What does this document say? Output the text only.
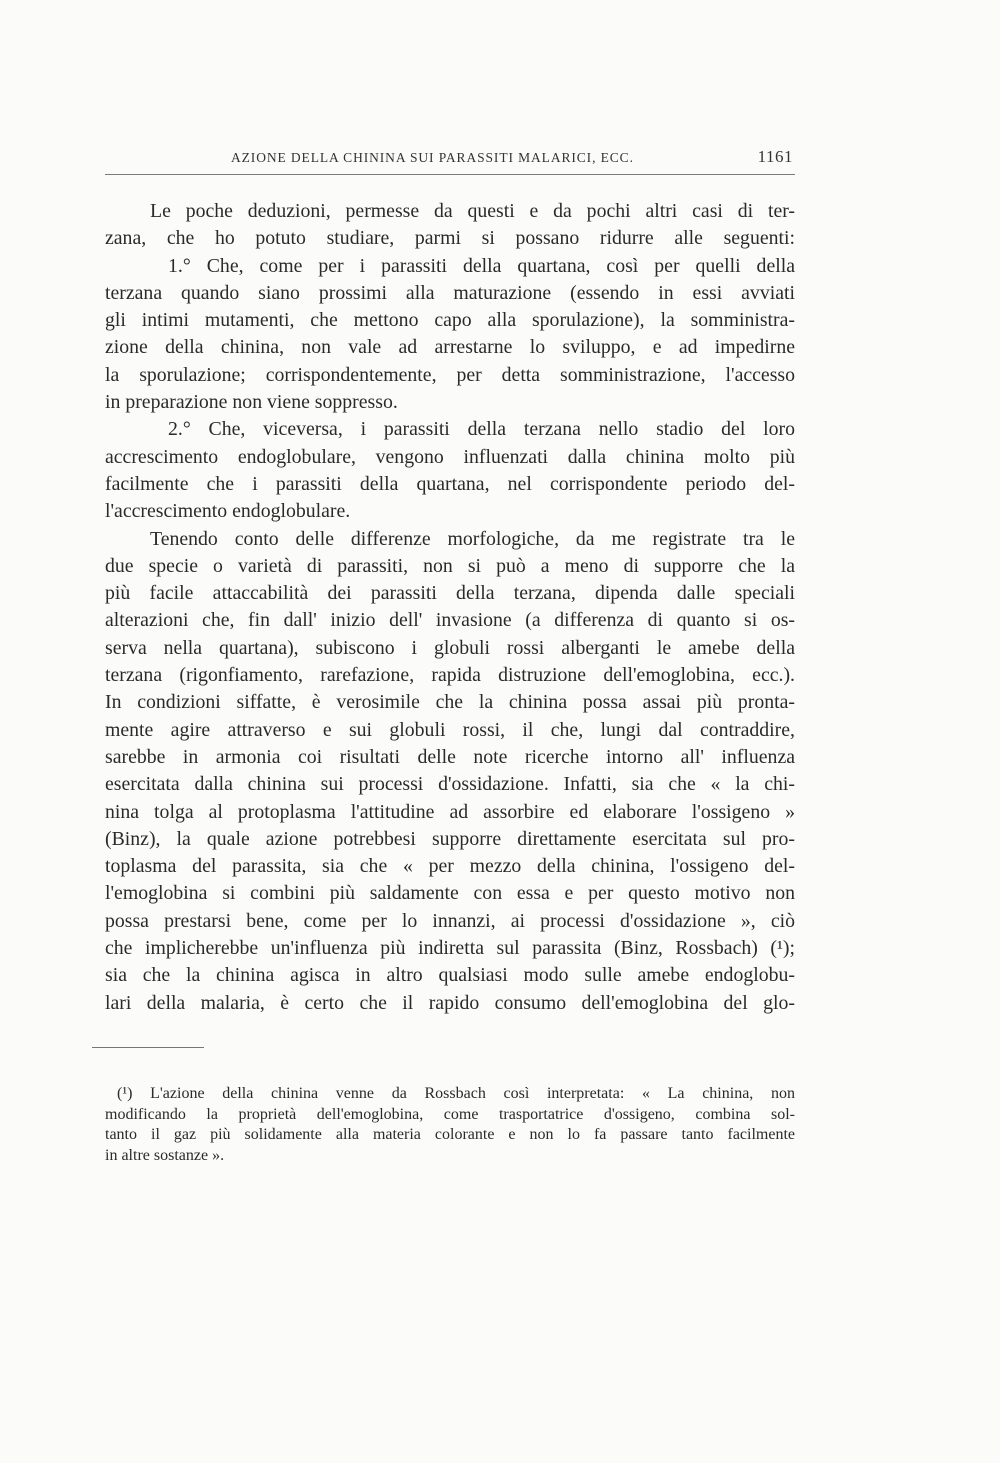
AZIONE DELLA CHININA SUI PARASSITI MALARICI, ECC.	1161
Le poche deduzioni, permesse da questi e da pochi altri casi di ter-
zana, che ho potuto studiare, parmi si possano ridurre alle seguenti:
1.° Che, come per i parassiti della quartana, così per quelli della
terzana quando siano prossimi alla maturazione (essendo in essi avviati
gli intimi mutamenti, che mettono capo alla sporulazione), la somministra-
zione della chinina, non vale ad arrestarne lo sviluppo, e ad impedirne
la sporulazione; corrispondentemente, per detta somministrazione, l'accesso
in preparazione non viene soppresso.
2.° Che, viceversa, i parassiti della terzana nello stadio del loro
accrescimento endoglobulare, vengono influenzati dalla chinina molto più
facilmente che i parassiti della quartana, nel corrispondente periodo del-
l'accrescimento endoglobulare.
Tenendo conto delle differenze morfologiche, da me registrate tra le
due specie o varietà di parassiti, non si può a meno di supporre che la
più facile attaccabilità dei parassiti della terzana, dipenda dalle speciali
alterazioni che, fin dall' inizio dell' invasione (a differenza di quanto si os-
serva nella quartana), subiscono i globuli rossi alberganti le amebe della
terzana (rigonfiamento, rarefazione, rapida distruzione dell'emoglobina, ecc.).
In condizioni siffatte, è verosimile che la chinina possa assai più pronta-
mente agire attraverso e sui globuli rossi, il che, lungi dal contraddire,
sarebbe in armonia coi risultati delle note ricerche intorno all' influenza
esercitata dalla chinina sui processi d'ossidazione. Infatti, sia che « la chi-
nina tolga al protoplasma l'attitudine ad assorbire ed elaborare l'ossigeno »
(Binz), la quale azione potrebbesi supporre direttamente esercitata sul pro-
toplasma del parassita, sia che « per mezzo della chinina, l'ossigeno del-
l'emoglobina si combini più saldamente con essa e per questo motivo non
possa prestarsi bene, come per lo innanzi, ai processi d'ossidazione », ciò
che implicherebbe un'influenza più indiretta sul parassita (Binz, Rossbach) (¹);
sia che la chinina agisca in altro qualsiasi modo sulle amebe endoglobu-
lari della malaria, è certo che il rapido consumo dell'emoglobina del glo-
(¹) L'azione della chinina venne da Rossbach così interpretata: « La chinina, non
modificando la proprietà dell'emoglobina, come trasportatrice d'ossigeno, combina sol-
tanto il gaz più solidamente alla materia colorante e non lo fa passare tanto facilmente
in altre sostanze ».
